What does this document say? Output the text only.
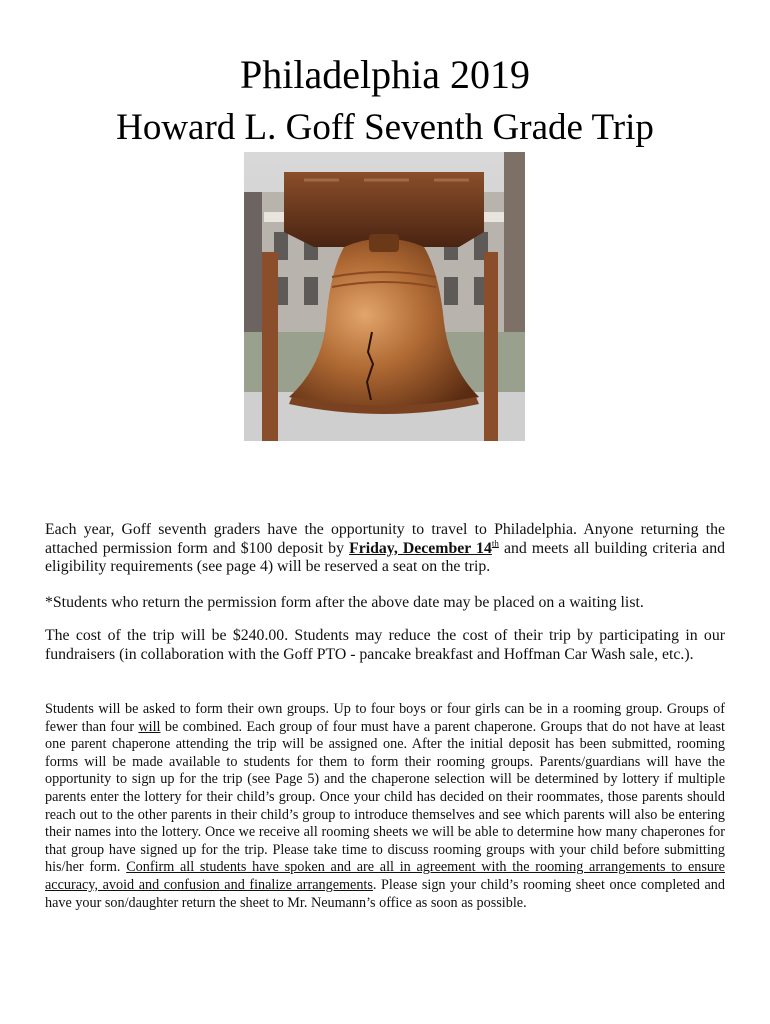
Philadelphia 2019
Howard L. Goff Seventh Grade Trip

Each year, Goff seventh graders have the opportunity to travel to Philadelphia. Anyone returning the attached permission form and $100 deposit by Friday, December 14th and meets all building criteria and eligibility requirements (see page 4) will be reserved a seat on the trip.

*Students who return the permission form after the above date may be placed on a waiting list.

The cost of the trip will be $240.00. Students may reduce the cost of their trip by participating in our fundraisers (in collaboration with the Goff PTO - pancake breakfast and Hoffman Car Wash sale, etc.).

Students will be asked to form their own groups. Up to four boys or four girls can be in a rooming group. Groups of fewer than four will be combined. Each group of four must have a parent chaperone. Groups that do not have at least one parent chaperone attending the trip will be assigned one. After the initial deposit has been submitted, rooming forms will be made available to students for them to form their rooming groups. Parents/guardians will have the opportunity to sign up for the trip (see Page 5) and the chaperone selection will be determined by lottery if multiple parents enter the lottery for their child’s group. Once your child has decided on their roommates, those parents should reach out to the other parents in their child’s group to introduce themselves and see which parents will also be entering their names into the lottery. Once we receive all rooming sheets we will be able to determine how many chaperones for that group have signed up for the trip. Please take time to discuss rooming groups with your child before submitting his/her form. Confirm all students have spoken and are all in agreement with the rooming arrangements to ensure accuracy, avoid and confusion and finalize arrangements. Please sign your child’s rooming sheet once completed and have your son/daughter return the sheet to Mr. Neumann’s office as soon as possible.
